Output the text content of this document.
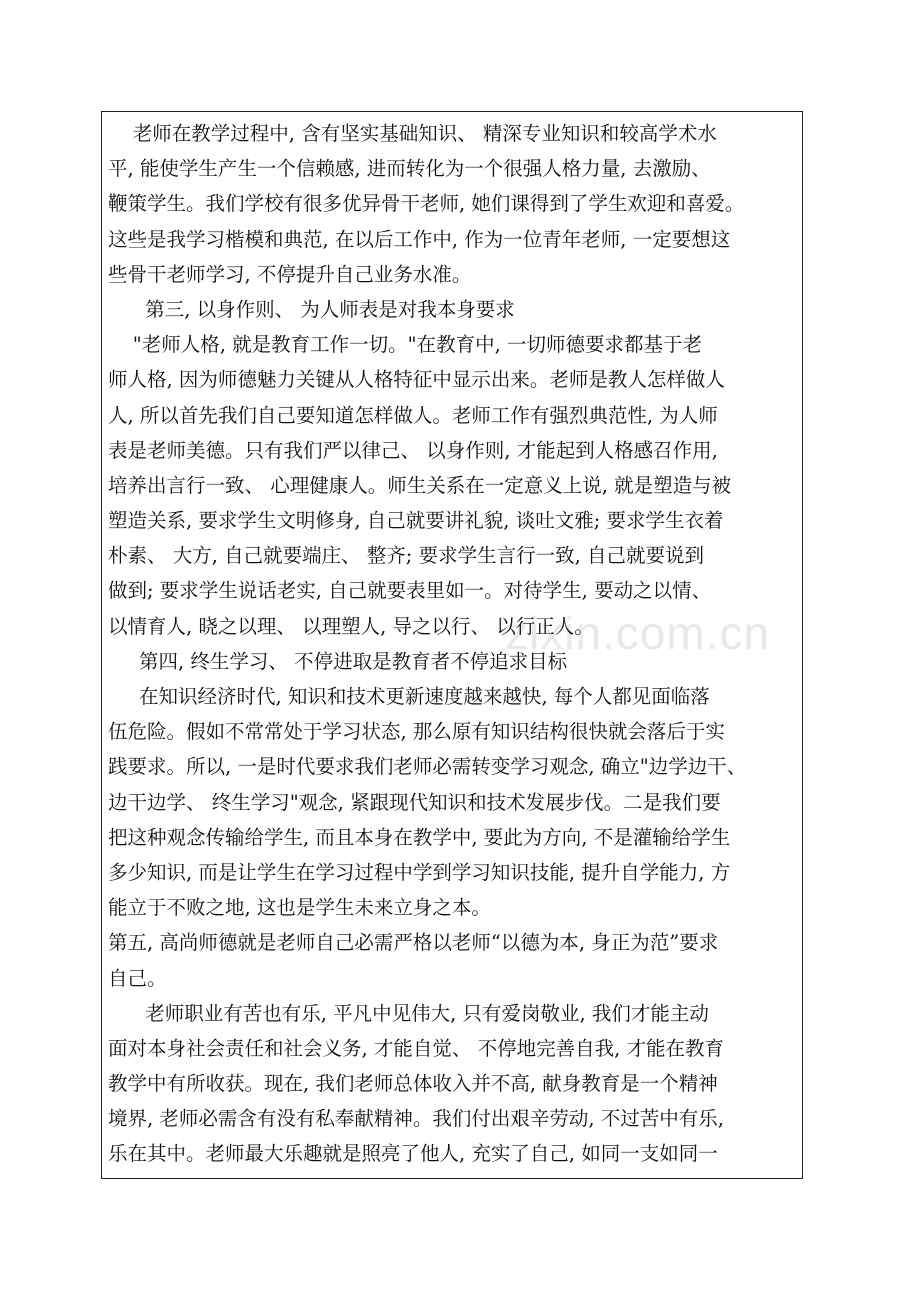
zixin.com.cn
老师在教学过程中, 含有坚实基础知识、 精深专业知识和较高学术水
平, 能使学生产生一个信赖感, 进而转化为一个很强人格力量, 去激励、
鞭策学生。我们学校有很多优异骨干老师, 她们课得到了学生欢迎和喜爱。
这些是我学习楷模和典范, 在以后工作中, 作为一位青年老师, 一定要想这
些骨干老师学习, 不停提升自己业务水准。
第三, 以身作则、 为人师表是对我本身要求
"老师人格, 就是教育工作一切。"在教育中, 一切师德要求都基于老
师人格, 因为师德魅力关键从人格特征中显示出来。老师是教人怎样做人
人, 所以首先我们自己要知道怎样做人。老师工作有强烈典范性, 为人师
表是老师美德。只有我们严以律己、 以身作则, 才能起到人格感召作用,
培养出言行一致、 心理健康人。师生关系在一定意义上说, 就是塑造与被
塑造关系, 要求学生文明修身, 自己就要讲礼貌, 谈吐文雅; 要求学生衣着
朴素、 大方, 自己就要端庄、 整齐; 要求学生言行一致, 自己就要说到
做到; 要求学生说话老实, 自己就要表里如一。对待学生, 要动之以情、
以情育人, 晓之以理、 以理塑人, 导之以行、 以行正人。
第四, 终生学习、 不停进取是教育者不停追求目标
在知识经济时代, 知识和技术更新速度越来越快, 每个人都见面临落
伍危险。假如不常常处于学习状态, 那么原有知识结构很快就会落后于实
践要求。所以, 一是时代要求我们老师必需转变学习观念, 确立"边学边干、
边干边学、 终生学习"观念, 紧跟现代知识和技术发展步伐。二是我们要
把这种观念传输给学生, 而且本身在教学中, 要此为方向, 不是灌输给学生
多少知识, 而是让学生在学习过程中学到学习知识技能, 提升自学能力, 方
能立于不败之地, 这也是学生未来立身之本。
第五, 高尚师德就是老师自己必需严格以老师“以德为本, 身正为范”要求
自己。
老师职业有苦也有乐, 平凡中见伟大, 只有爱岗敬业, 我们才能主动
面对本身社会责任和社会义务, 才能自觉、 不停地完善自我, 才能在教育
教学中有所收获。现在, 我们老师总体收入并不高, 献身教育是一个精神
境界, 老师必需含有没有私奉献精神。我们付出艰辛劳动, 不过苦中有乐,
乐在其中。老师最大乐趣就是照亮了他人, 充实了自己, 如同一支如同一
